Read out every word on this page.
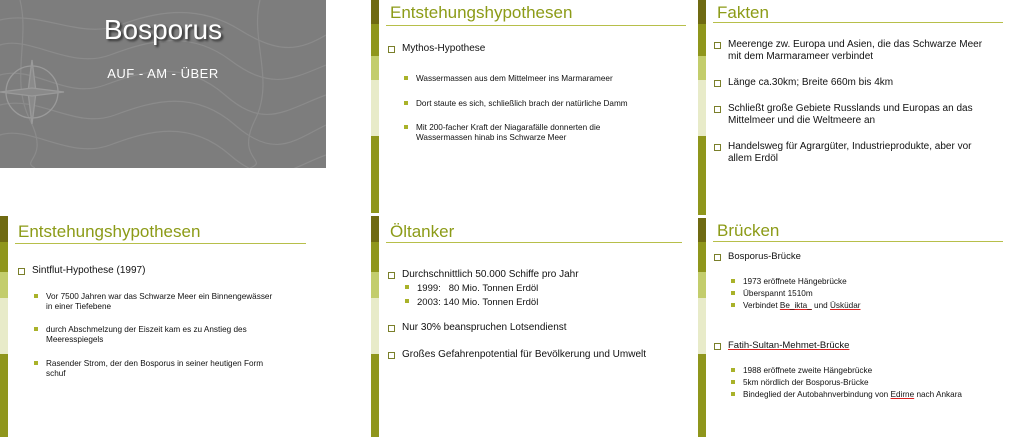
Bosporus
AUF - AM - ÜBER
Entstehungshypothesen
Mythos-Hypothese
Wassermassen aus dem Mittelmeer ins Marmarameer
Dort staute es sich, schließlich brach der natürliche Damm
Mit 200-facher Kraft der Niagarafälle donnerten die
Wassermassen hinab ins Schwarze Meer
Fakten
Meerenge zw. Europa und Asien, die das Schwarze Meer
mit dem Marmarameer verbindet
Länge ca.30km; Breite 660m bis 4km
Schließt große Gebiete Russlands und Europas an das
Mittelmeer und die Weltmeere an
Handelsweg für Agrargüter, Industrieprodukte, aber vor
allem Erdöl
Entstehungshypothesen
Sintflut-Hypothese (1997)
Vor 7500 Jahren war das Schwarze Meer ein Binnengewässer
in einer Tiefebene
durch Abschmelzung der Eiszeit kam es zu Anstieg des
Meeresspiegels
Rasender Strom, der den Bosporus in seiner heutigen Form
schuf
Öltanker
Durchschnittlich 50.000 Schiffe pro Jahr
1999:   80 Mio. Tonnen Erdöl
2003: 140 Mio. Tonnen Erdöl
Nur 30% beanspruchen Lotsendienst
Großes Gefahrenpotential für Bevölkerung und Umwelt
Brücken
Bosporus-Brücke
1973 eröffnete Hängebrücke
Überspannt 1510m
Verbindet Be_ikta_ und Üsküdar
Fatih-Sultan-Mehmet-Brücke
1988 eröffnete zweite Hängebrücke
5km nördlich der Bosporus-Brücke
Bindeglied der Autobahnverbindung von Edirne nach Ankara
